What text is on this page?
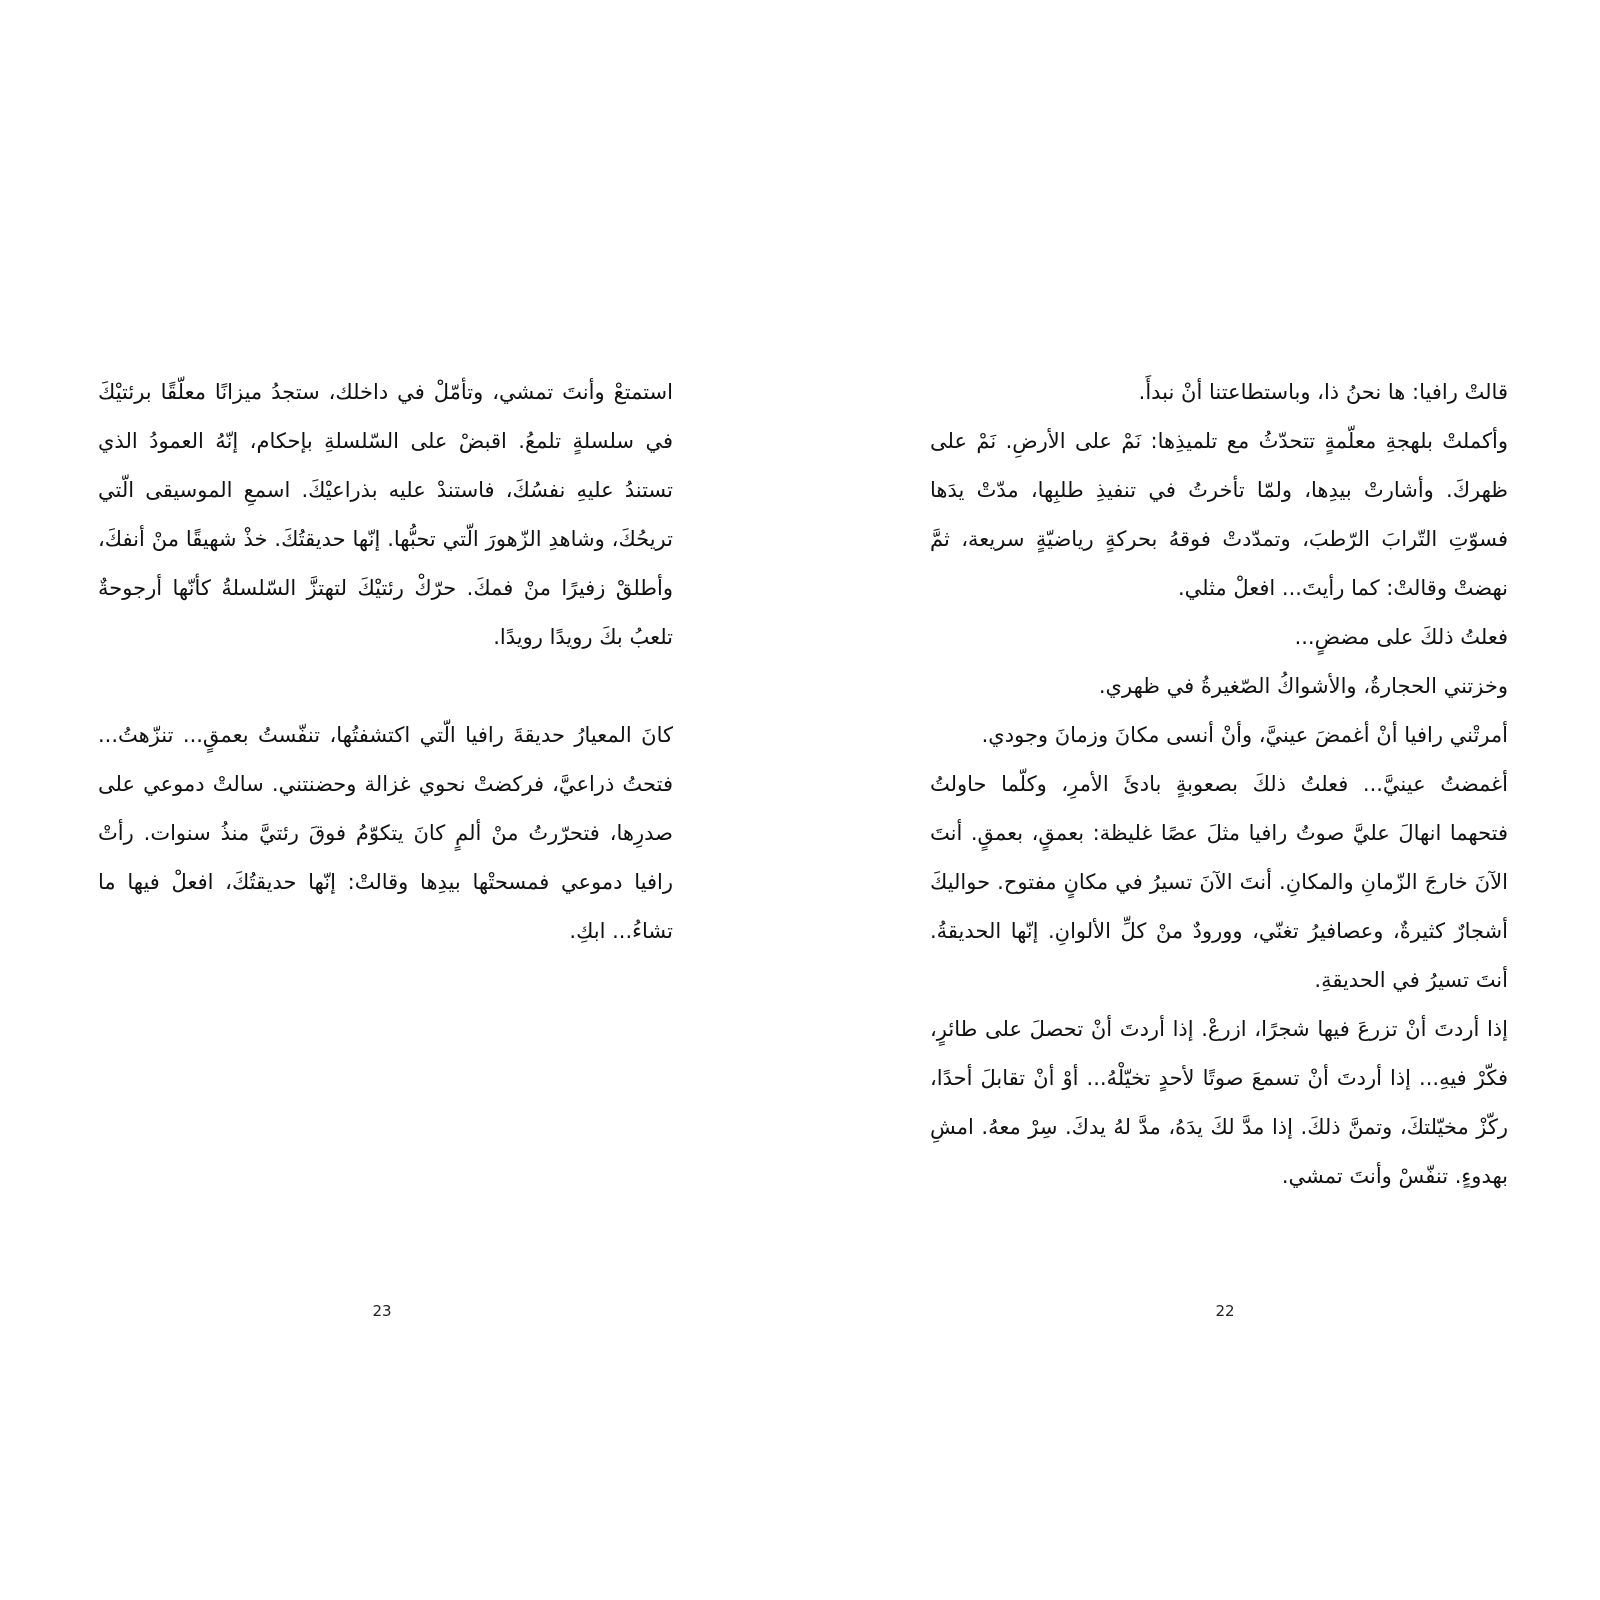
استمتعْ وأنتَ تمشي، وتأمّلْ في داخلك، ستجدُ ميزانًا معلّقًا برئتيْكَ في سلسلةٍ تلمعُ. اقبضْ على السّلسلةِ بإحكام، إنّهُ العمودُ الذي تستندُ عليهِ نفسُكَ، فاستندْ عليه بذراعيْكَ. اسمعِ الموسيقى الّتي تريحُكَ، وشاهدِ الزّهورَ الّتي تحبُّها. إنّها حديقتُكَ. خذْ شهيقًا منْ أنفكَ، وأطلقْ زفيرًا منْ فمكَ. حرّكْ رئتيْكَ لتهتزَّ السّلسلةُ كأنّها أرجوحةٌ تلعبُ بكَ رويدًا رويدًا.

كانَ المعيارُ حديقةَ رافيا الّتي اكتشفتُها، تنفّستُ بعمقٍ... تنزّهتُ... فتحتُ ذراعيَّ، فركضتْ نحوي غزالة وحضنتني. سالتْ دموعي على صدرِها، فتحرّرتُ منْ ألمٍ كانَ يتكوّمُ فوقَ رئتيَّ منذُ سنوات. رأتْ رافيا دموعي فمسحتْها بيدِها وقالتْ: إنّها حديقتُكَ، افعلْ فيها ما تشاءُ... ابكِ.

23

قالتْ رافيا: ها نحنُ ذا، وباستطاعتنا أنْ نبدأَ.

وأكملتْ بلهجةِ معلّمةٍ تتحدّثُ مع تلميذِها: نَمْ على الأرضِ. نَمْ على ظهركَ. وأشارتْ بيدِها، ولمّا تأخرتُ في تنفيذِ طلبِها، مدّتْ يدَها فسوّتِ التّرابَ الرّطبَ، وتمدّدتْ فوقهُ بحركةٍ رياضيّةٍ سريعة، ثمَّ نهضتْ وقالتْ: كما رأيتَ... افعلْ مثلي.

فعلتُ ذلكَ على مضضٍ...

وخزتني الحجارةُ، والأشواكُ الصّغيرةُ في ظهري.

أمرتْني رافيا أنْ أغمضَ عينيَّ، وأنْ أنسى مكانَ وزمانَ وجودي.

أغمضتُ عينيَّ... فعلتُ ذلكَ بصعوبةٍ بادئَ الأمرِ، وكلّما حاولتُ فتحهما انهالَ عليَّ صوتُ رافيا مثلَ عصًا غليظة: بعمقٍ، بعمقٍ. أنتَ الآنَ خارجَ الزّمانِ والمكانِ. أنتَ الآنَ تسيرُ في مكانٍ مفتوح. حواليكَ أشجارٌ كثيرةٌ، وعصافيرُ تغنّي، وورودٌ منْ كلِّ الألوانِ. إنّها الحديقةُ. أنتَ تسيرُ في الحديقةِ.

إذا أردتَ أنْ تزرعَ فيها شجرًا، ازرعْ. إذا أردتَ أنْ تحصلَ على طائرٍ، فكّرْ فيهِ... إذا أردتَ أنْ تسمعَ صوتًا لأحدٍ تخيّلْهُ... أوْ أنْ تقابلَ أحدًا، ركّزْ مخيّلتكَ، وتمنَّ ذلكَ. إذا مدَّ لكَ يدَهُ، مدَّ لهُ يدكَ. سِرْ معهُ. امشِ بهدوءٍ. تنفّسْ وأنتَ تمشي.

22
